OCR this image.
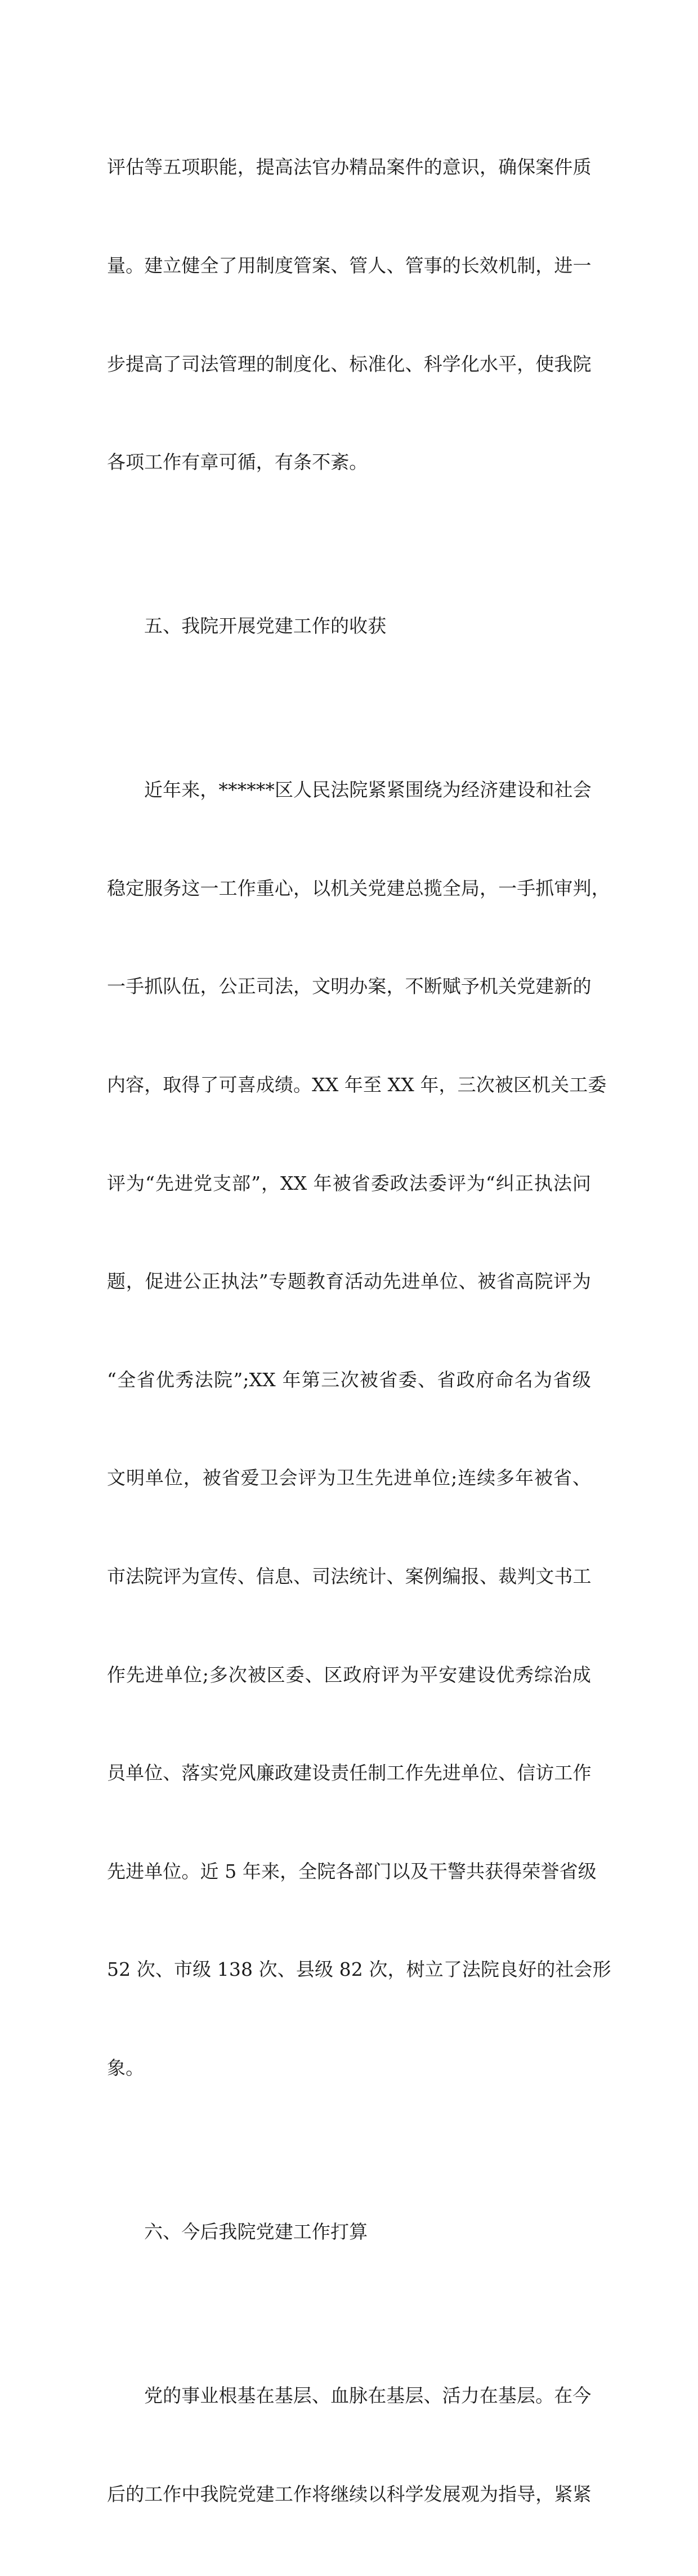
评估等五项职能，提高法官办精品案件的意识，确保案件质

量。建立健全了用制度管案、管人、管事的长效机制，进一

步提高了司法管理的制度化、标准化、科学化水平，使我院

各项工作有章可循，有条不紊。

五、我院开展党建工作的收获

近年来，******区人民法院紧紧围绕为经济建设和社会

稳定服务这一工作重心，以机关党建总揽全局，一手抓审判，

一手抓队伍，公正司法，文明办案，不断赋予机关党建新的

内容，取得了可喜成绩。XX 年至 XX 年，三次被区机关工委

评为“先进党支部”，XX 年被省委政法委评为“纠正执法问

题，促进公正执法”专题教育活动先进单位、被省高院评为

“全省优秀法院”;XX 年第三次被省委、省政府命名为省级

文明单位，被省爱卫会评为卫生先进单位;连续多年被省、

市法院评为宣传、信息、司法统计、案例编报、裁判文书工

作先进单位;多次被区委、区政府评为平安建设优秀综治成

员单位、落实党风廉政建设责任制工作先进单位、信访工作

先进单位。近 5 年来，全院各部门以及干警共获得荣誉省级

52 次、市级 138 次、县级 82 次，树立了法院良好的社会形

象。

六、今后我院党建工作打算

党的事业根基在基层、血脉在基层、活力在基层。在今

后的工作中我院党建工作将继续以科学发展观为指导，紧紧
